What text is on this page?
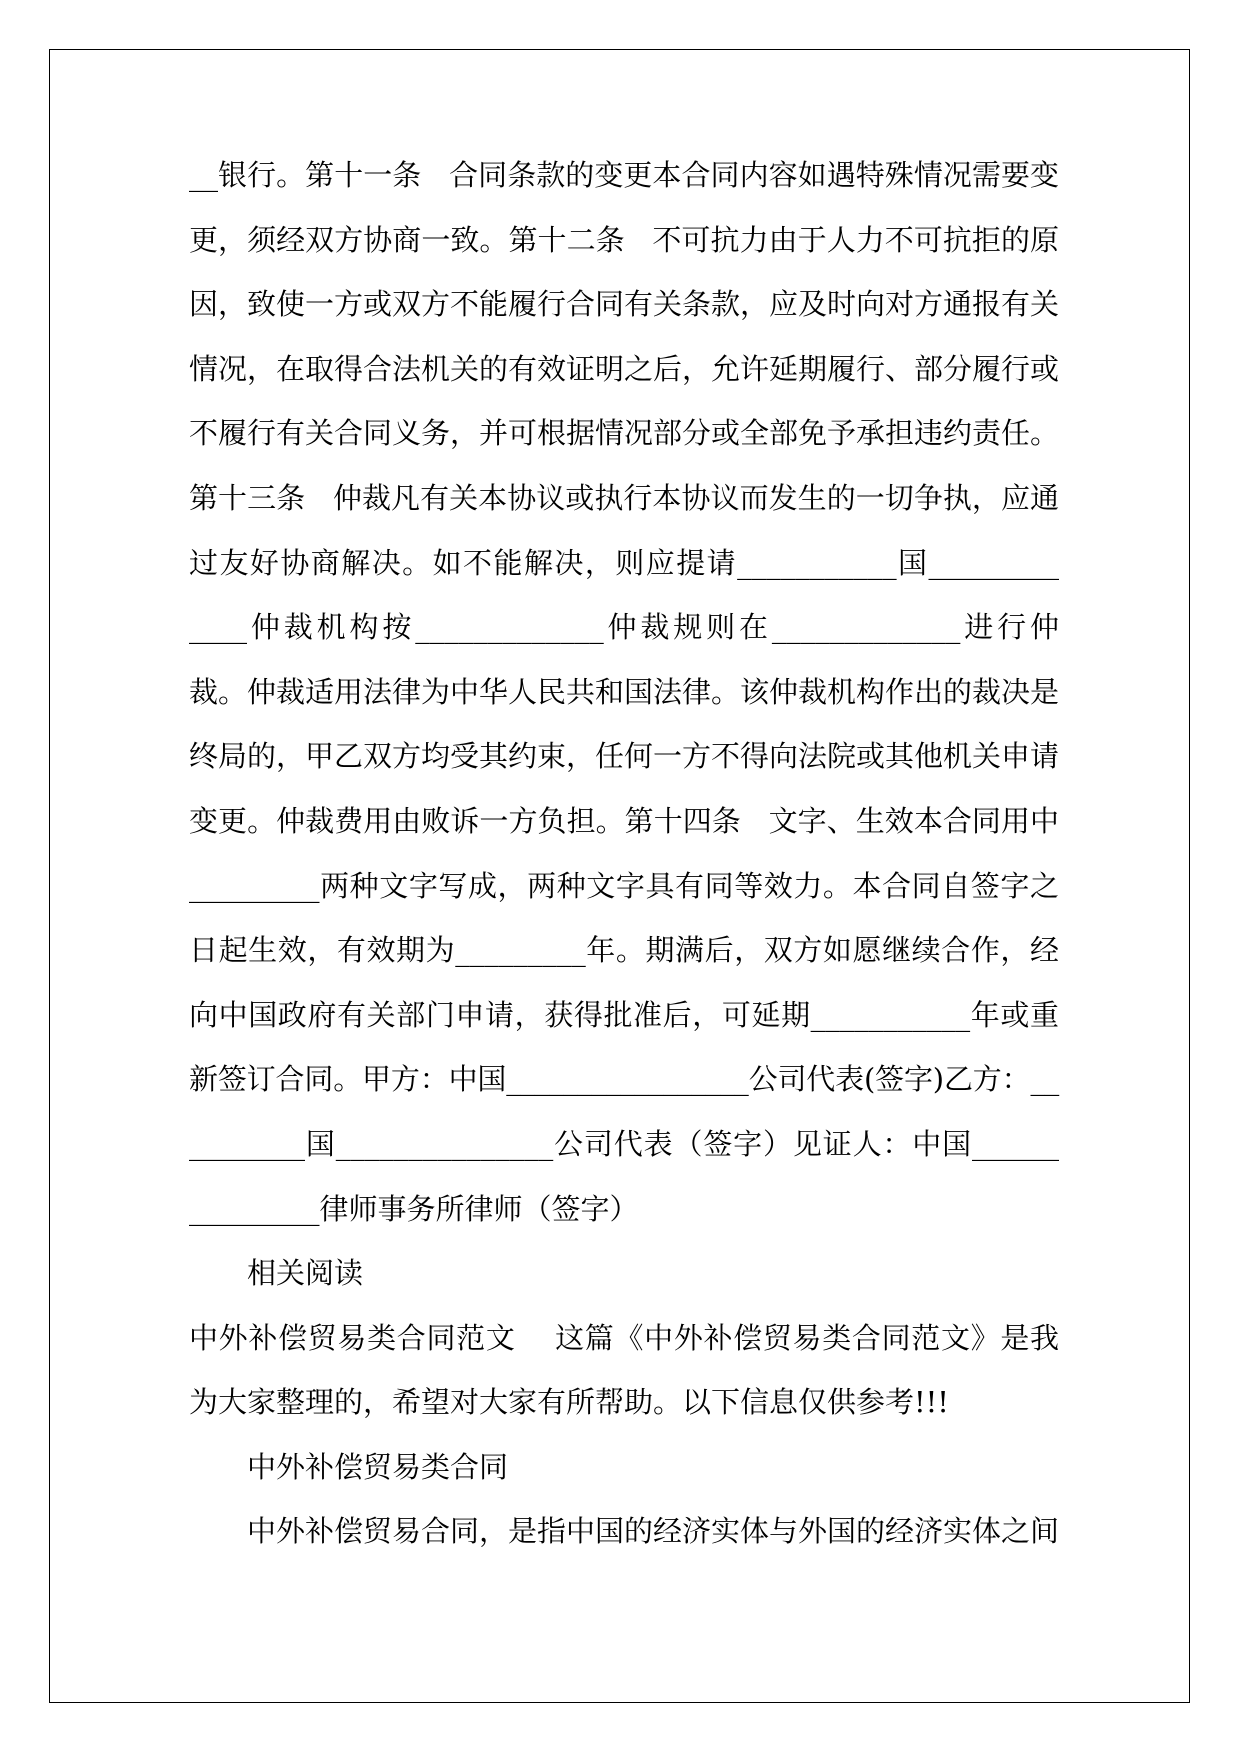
__银行。第十一条   合同条款的变更本合同内容如遇特殊情况需要变
更，须经双方协商一致。第十二条   不可抗力由于人力不可抗拒的原
因，致使一方或双方不能履行合同有关条款，应及时向对方通报有关
情况，在取得合法机关的有效证明之后，允许延期履行、部分履行或
不履行有关合同义务，并可根据情况部分或全部免予承担违约责任。
第十三条   仲裁凡有关本协议或执行本协议而发生的一切争执，应通
过友好协商解决。如不能解决，则应提请___________国_________
____仲裁机构按_____________仲裁规则在_____________进行仲
裁。仲裁适用法律为中华人民共和国法律。该仲裁机构作出的裁决是
终局的，甲乙双方均受其约束，任何一方不得向法院或其他机关申请
变更。仲裁费用由败诉一方负担。第十四条   文字、生效本合同用中
_________两种文字写成，两种文字具有同等效力。本合同自签字之
日起生效，有效期为_________年。期满后，双方如愿继续合作，经
向中国政府有关部门申请，获得批准后，可延期___________年或重
新签订合同。甲方：中国_________________公司代表(签字)乙方：__
________国_______________公司代表（签字）见证人：中国______
_________律师事务所律师（签字）
相关阅读
中外补偿贸易类合同范文    这篇《中外补偿贸易类合同范文》是我
为大家整理的，希望对大家有所帮助。以下信息仅供参考!!!
中外补偿贸易类合同
中外补偿贸易合同，是指中国的经济实体与外国的经济实体之间
